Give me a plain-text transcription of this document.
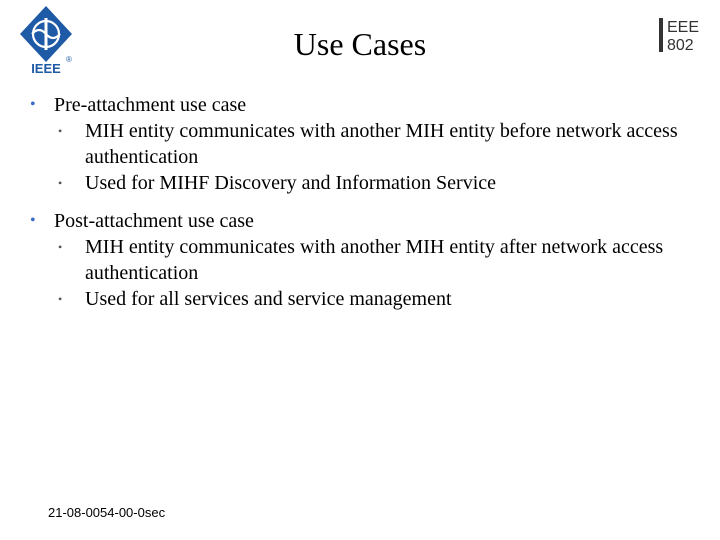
®
IEEE
EEE
802
Use Cases
• Pre-attachment use case
• MIH entity communicates with another MIH entity before network access authentication
• Used for MIHF Discovery and Information Service
• Post-attachment use case
• MIH entity communicates with another MIH entity after network access authentication
• Used for all services and service management
21-08-0054-00-0sec
